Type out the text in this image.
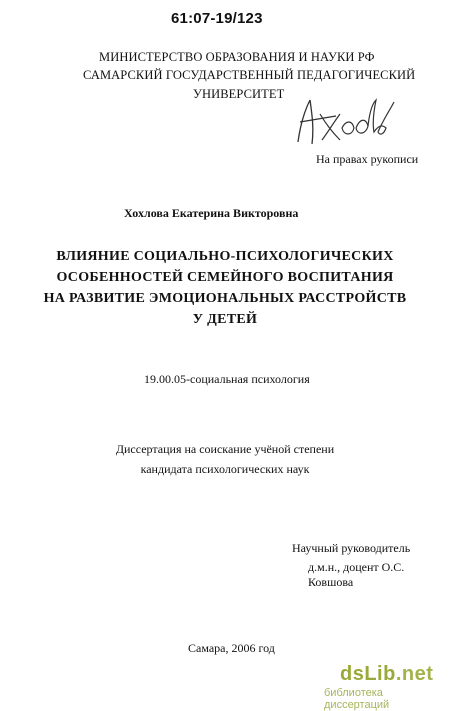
61:07-19/123
МИНИСТЕРСТВО ОБРАЗОВАНИЯ И НАУКИ РФ
САМАРСКИЙ ГОСУДАРСТВЕННЫЙ ПЕДАГОГИЧЕСКИЙ
УНИВЕРСИТЕТ
На правах рукописи
Хохлова Екатерина Викторовна
ВЛИЯНИЕ СОЦИАЛЬНО-ПСИХОЛОГИЧЕСКИХ
ОСОБЕННОСТЕЙ СЕМЕЙНОГО ВОСПИТАНИЯ
НА РАЗВИТИЕ ЭМОЦИОНАЛЬНЫХ РАССТРОЙСТВ
У ДЕТЕЙ
19.00.05-социальная психология
Диссертация на соискание учёной степени
кандидата психологических наук
Научный руководитель
д.м.н., доцент О.С. Ковшова
Самара, 2006 год
dsLib.net
библиотека диссертаций
